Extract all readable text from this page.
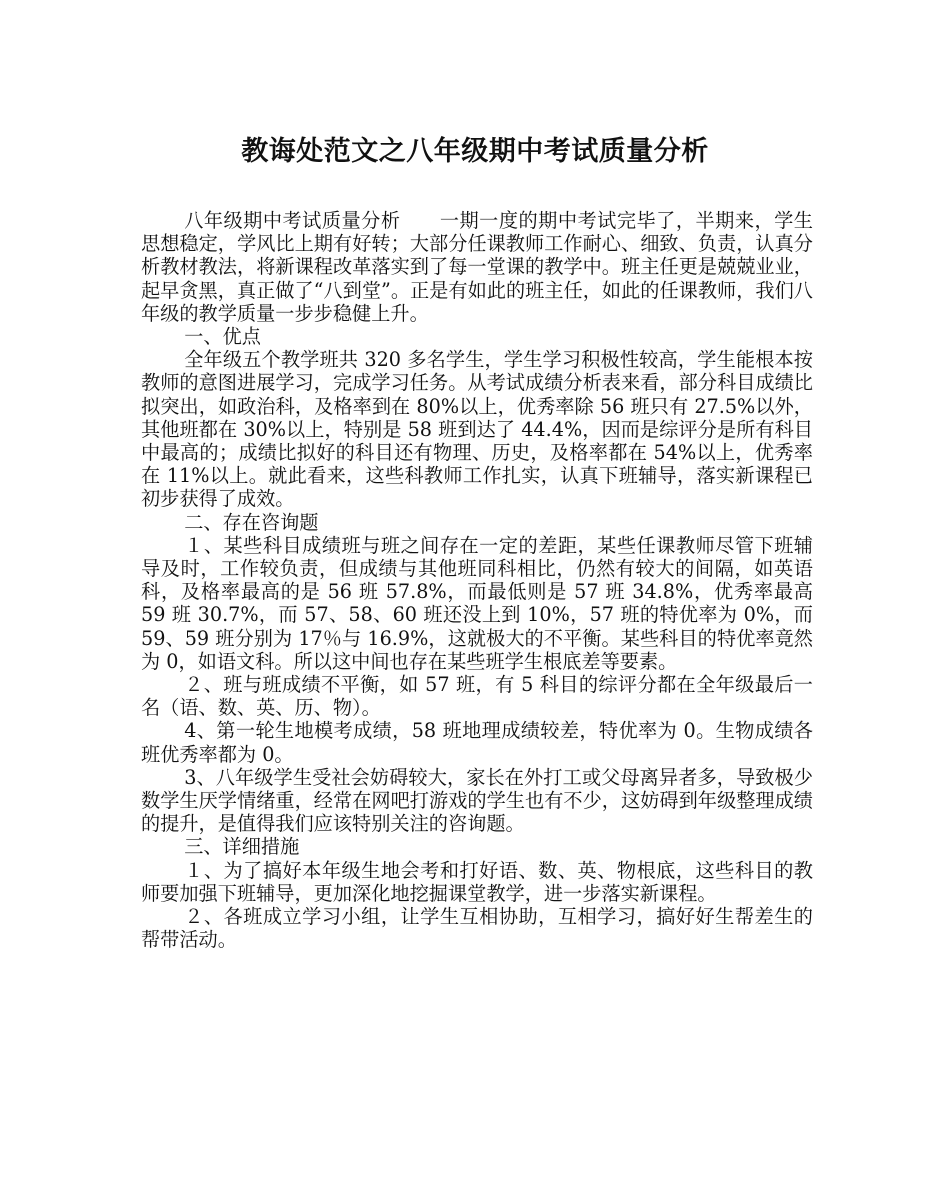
教诲处范文之八年级期中考试质量分析

八年级期中考试质量分析　　一期一度的期中考试完毕了，半期来，学生思想稳定，学风比上期有好转；大部分任课教师工作耐心、细致、负责，认真分析教材教法，将新课程改革落实到了每一堂课的教学中。班主任更是兢兢业业，起早贪黑，真正做了“八到堂”。正是有如此的班主任，如此的任课教师，我们八年级的教学质量一步步稳健上升。

一、优点

全年级五个教学班共 320 多名学生，学生学习积极性较高，学生能根本按教师的意图进展学习，完成学习任务。从考试成绩分析表来看，部分科目成绩比拟突出，如政治科，及格率到在 80%以上，优秀率除 56 班只有 27.5%以外，其他班都在 30%以上，特别是 58 班到达了 44.4%，因而是综评分是所有科目中最高的；成绩比拟好的科目还有物理、历史，及格率都在 54%以上，优秀率在 11%以上。就此看来，这些科教师工作扎实，认真下班辅导，落实新课程已初步获得了成效。

二、存在咨询题

１、某些科目成绩班与班之间存在一定的差距，某些任课教师尽管下班辅导及时，工作较负责，但成绩与其他班同科相比，仍然有较大的间隔，如英语科，及格率最高的是 56 班 57.8%，而最低则是 57 班 34.8%，优秀率最高 59 班 30.7%，而 57、58、60 班还没上到 10%，57 班的特优率为 0%，而 59、59 班分别为 17％与 16.9%，这就极大的不平衡。某些科目的特优率竟然为 0，如语文科。所以这中间也存在某些班学生根底差等要素。

２、班与班成绩不平衡，如 57 班，有 5 科目的综评分都在全年级最后一名（语、数、英、历、物）。

4、第一轮生地模考成绩，58 班地理成绩较差，特优率为 0。生物成绩各班优秀率都为 0。

3、八年级学生受社会妨碍较大，家长在外打工或父母离异者多，导致极少数学生厌学情绪重，经常在网吧打游戏的学生也有不少，这妨碍到年级整理成绩的提升，是值得我们应该特别关注的咨询题。

三、详细措施

１、为了搞好本年级生地会考和打好语、数、英、物根底，这些科目的教师要加强下班辅导，更加深化地挖掘课堂教学，进一步落实新课程。

２、各班成立学习小组，让学生互相协助，互相学习，搞好好生帮差生的帮带活动。
